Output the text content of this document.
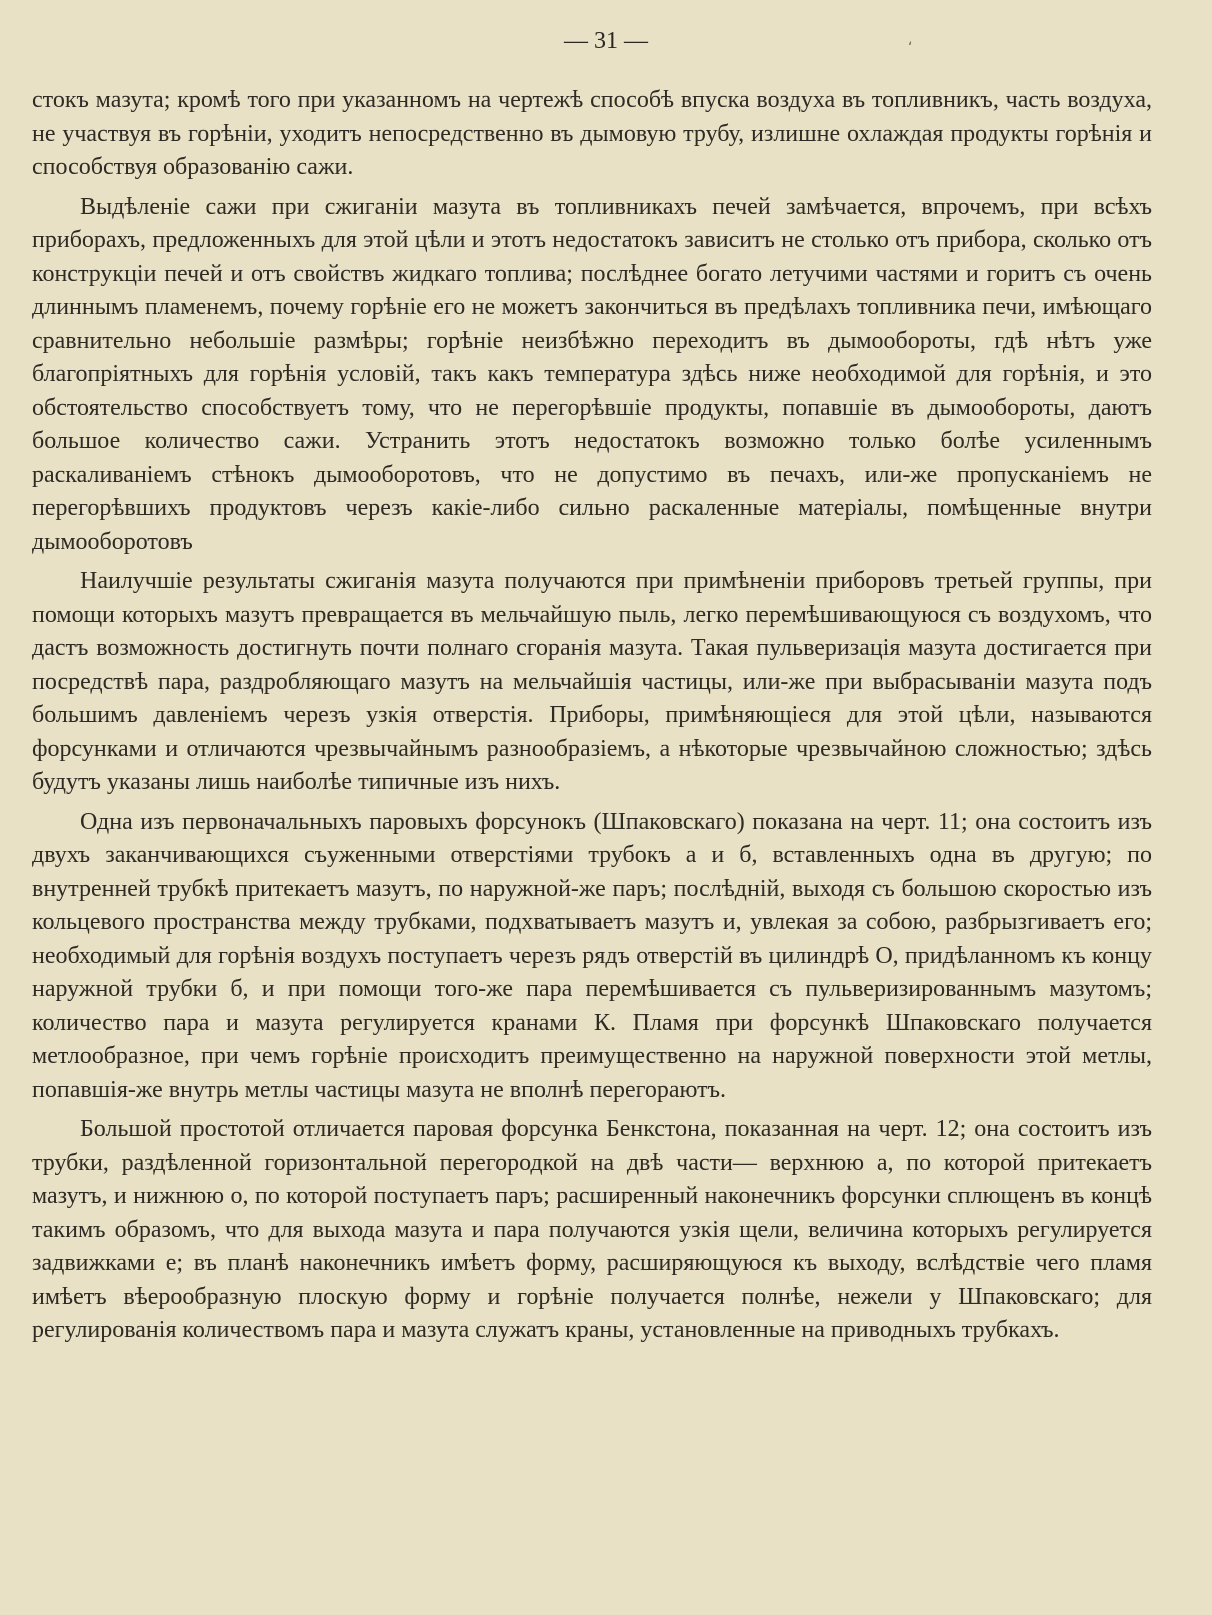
— 31 —	‘

стокъ мазута; кромѣ того при указанномъ на чертежѣ способѣ впуска воздуха въ топливникъ, часть воздуха, не участвуя въ горѣніи, уходитъ непосредственно въ дымовую трубу, излишне охлаждая продукты горѣнія и способствуя образованію сажи.

Выдѣленіе сажи при сжиганіи мазута въ топливникахъ печей замѣчается, впрочемъ, при всѣхъ приборахъ, предложенныхъ для этой цѣли и этотъ недостатокъ зависитъ не столько отъ прибора, сколько отъ конструкціи печей и отъ свойствъ жидкаго топлива; послѣднее богато летучими частями и горитъ съ очень длиннымъ пламенемъ, почему горѣніе его не можетъ закончиться въ предѣлахъ топливника печи, имѣющаго сравнительно небольшіе размѣры; горѣніе неизбѣжно переходитъ въ дымообороты, гдѣ нѣтъ уже благопріятныхъ для горѣнія условій, такъ какъ температура здѣсь ниже необходимой для горѣнія, и это обстоятельство способствуетъ тому, что не перегорѣвшіе продукты, попавшіе въ дымообороты, даютъ большое количество сажи. Устранить этотъ недостатокъ возможно только болѣе усиленнымъ раскаливаніемъ стѣнокъ дымооборотовъ, что не допустимо въ печахъ, или-же пропусканіемъ не перегорѣвшихъ продуктовъ черезъ какіе-либо сильно раскаленные матеріалы, помѣщенные внутри дымооборотовъ

Наилучшіе результаты сжиганія мазута получаются при примѣненіи приборовъ третьей группы, при помощи которыхъ мазутъ превращается въ мельчайшую пыль, легко перемѣшивающуюся съ воздухомъ, что дастъ возможность достигнуть почти полнаго сгоранія мазута. Такая пульверизація мазута достигается при посредствѣ пара, раздробляющаго мазутъ на мельчайшія частицы, или-же при выбрасываніи мазута подъ большимъ давленіемъ черезъ узкія отверстія. Приборы, примѣняющіеся для этой цѣли, называются форсунками и отличаются чрезвычайнымъ разнообразіемъ, а нѣкоторые чрезвычайною сложностью; здѣсь будутъ указаны лишь наиболѣе типичные изъ нихъ.

Одна изъ первоначальныхъ паровыхъ форсунокъ (Шпаковскаго) показана на черт. 11; она состоитъ изъ двухъ заканчивающихся съуженными отверстіями трубокъ а и б, вставленныхъ одна въ другую; по внутренней трубкѣ притекаетъ мазутъ, по наружной-же паръ; послѣдній, выходя съ большою скоростью изъ кольцевого пространства между трубками, подхватываетъ мазутъ и, увлекая за собою, разбрызгиваетъ его; необходимый для горѣнія воздухъ поступаетъ черезъ рядъ отверстій въ цилиндрѣ О, придѣланномъ къ концу наружной трубки б, и при помощи того-же пара перемѣшивается съ пульверизированнымъ мазутомъ; количество пара и мазута регулируется кранами К. Пламя при форсункѣ Шпаковскаго получается метлообразное, при чемъ горѣніе происходитъ преимущественно на наружной поверхности этой метлы, попавшія-же внутрь метлы частицы мазута не вполнѣ перегораютъ.

Большой простотой отличается паровая форсунка Бенкстона, показанная на черт. 12; она состоитъ изъ трубки, раздѣленной горизонтальной перегородкой на двѣ части— верхнюю а, по которой притекаетъ мазутъ, и нижнюю о, по которой поступаетъ паръ; расширенный наконечникъ форсунки сплющенъ въ концѣ такимъ образомъ, что для выхода мазута и пара получаются узкія щели, величина которыхъ регулируется задвижками е; въ планѣ наконечникъ имѣетъ форму, расширяющуюся къ выходу, вслѣдствіе чего пламя имѣетъ вѣерообразную плоскую форму и горѣніе получается полнѣе, нежели у Шпаковскаго; для регулированія количествомъ пара и мазута служатъ краны, установленные на приводныхъ трубкахъ.
